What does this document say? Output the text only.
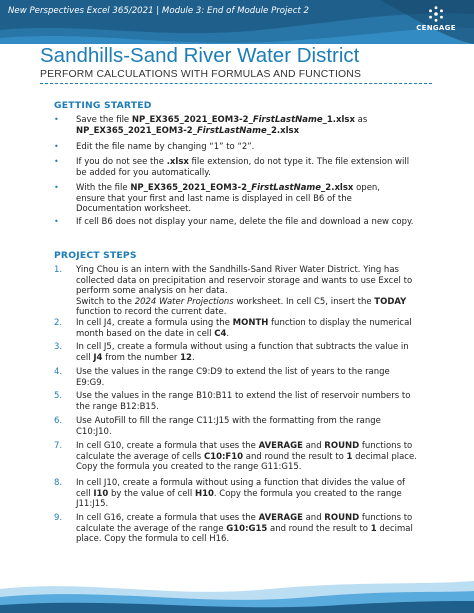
New Perspectives Excel 365/2021 | Module 3: End of Module Project 2
CENGAGE
Sandhills-Sand River Water District
PERFORM CALCULATIONS WITH FORMULAS AND FUNCTIONS
GETTING STARTED
•	Save the file NP_EX365_2021_EOM3-2_FirstLastName_1.xlsx as
NP_EX365_2021_EOM3-2_FirstLastName_2.xlsx
•	Edit the file name by changing “1” to “2”.
•	If you do not see the .xlsx file extension, do not type it. The file extension will
be added for you automatically.
•	With the file NP_EX365_2021_EOM3-2_FirstLastName_2.xlsx open,
ensure that your first and last name is displayed in cell B6 of the
Documentation worksheet.
•	If cell B6 does not display your name, delete the file and download a new copy.
PROJECT STEPS
1.	Ying Chou is an intern with the Sandhills-Sand River Water District. Ying has
collected data on precipitation and reservoir storage and wants to use Excel to
perform some analysis on her data.
Switch to the 2024 Water Projections worksheet. In cell C5, insert the TODAY
function to record the current date.
2.	In cell J4, create a formula using the MONTH function to display the numerical
month based on the date in cell C4.
3.	In cell J5, create a formula without using a function that subtracts the value in
cell J4 from the number 12.
4.	Use the values in the range C9:D9 to extend the list of years to the range
E9:G9.
5.	Use the values in the range B10:B11 to extend the list of reservoir numbers to
the range B12:B15.
6.	Use AutoFill to fill the range C11:J15 with the formatting from the range
C10:J10.
7.	In cell G10, create a formula that uses the AVERAGE and ROUND functions to
calculate the average of cells C10:F10 and round the result to 1 decimal place.
Copy the formula you created to the range G11:G15.
8.	In cell J10, create a formula without using a function that divides the value of
cell I10 by the value of cell H10. Copy the formula you created to the range
J11:J15.
9.	In cell G16, create a formula that uses the AVERAGE and ROUND functions to
calculate the average of the range G10:G15 and round the result to 1 decimal
place. Copy the formula to cell H16.
